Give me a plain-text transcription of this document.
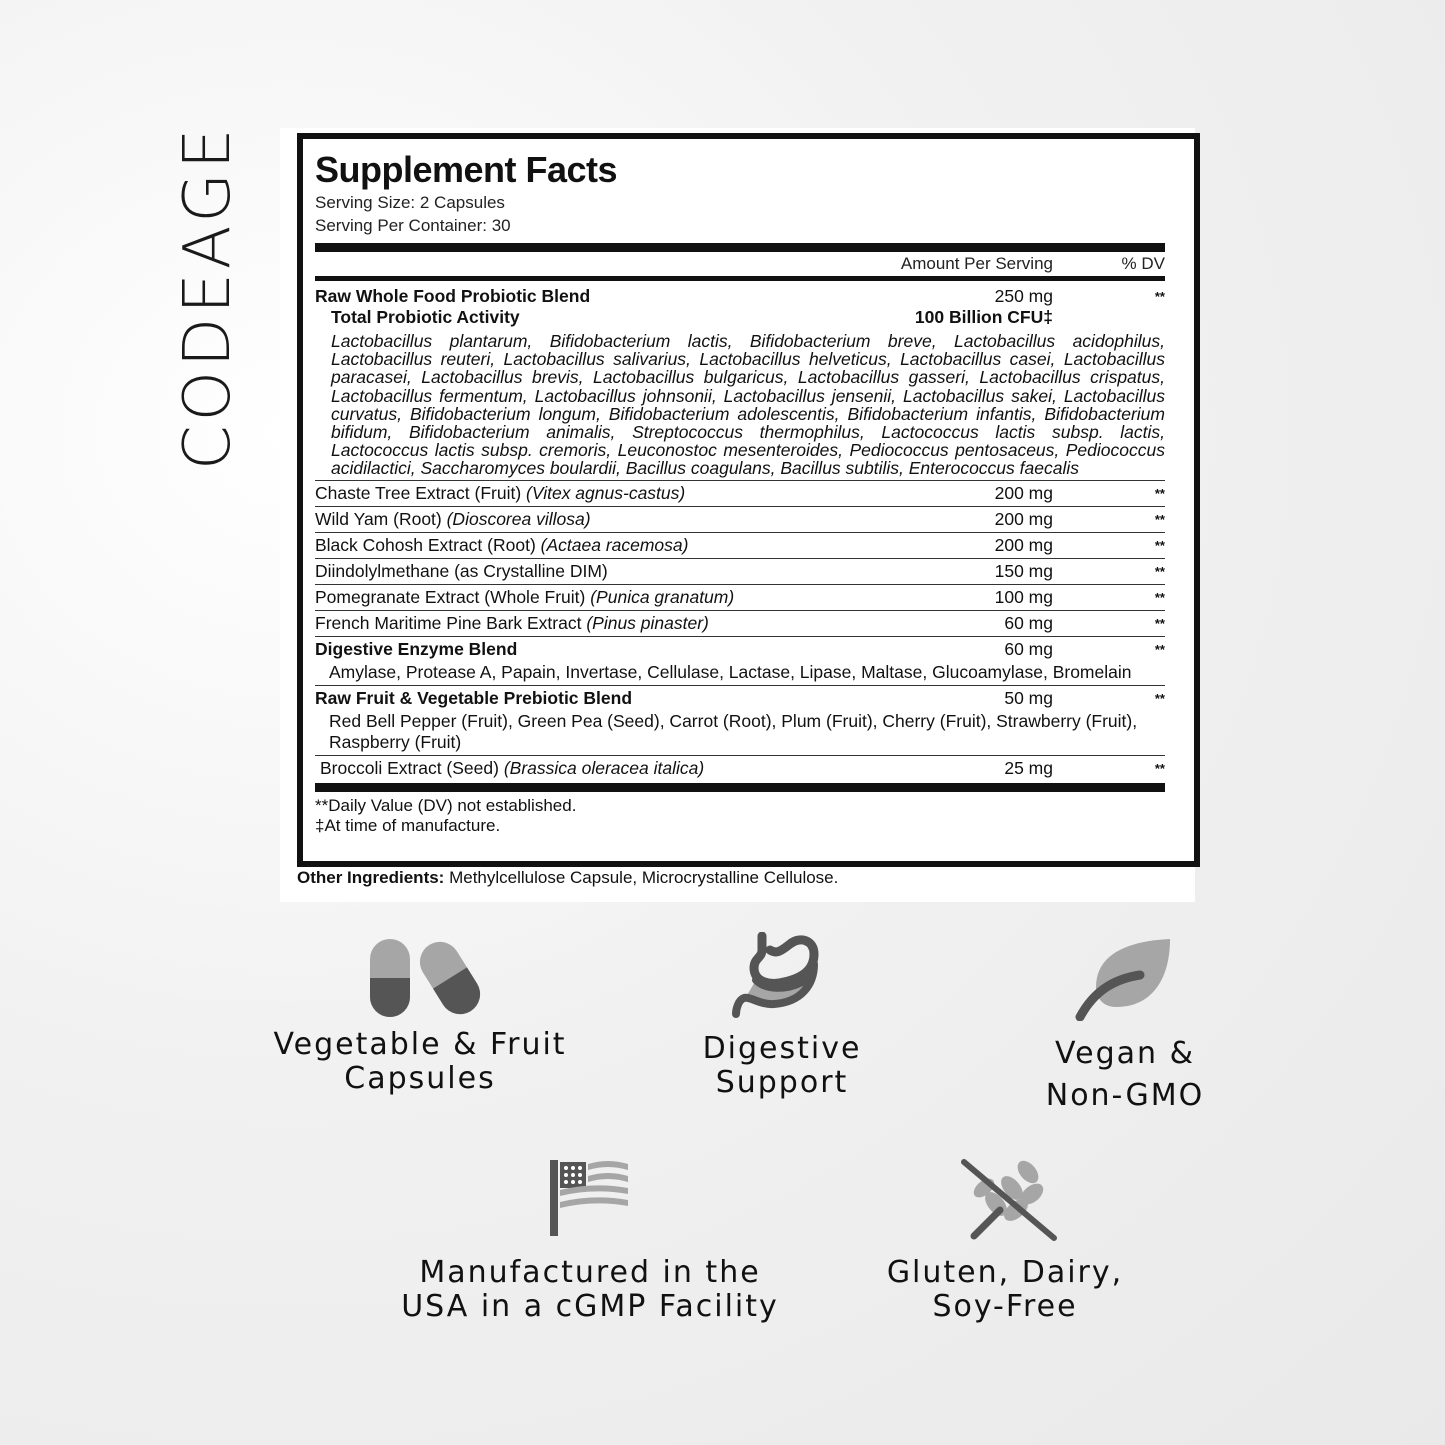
CODEAGE Supplement Facts
Serving Size: 2 Capsules
Serving Per Container: 30
Amount Per Serving	% DV
Raw Whole Food Probiotic Blend	250 mg	**
Total Probiotic Activity	100 Billion CFU‡
Lactobacillus plantarum, Bifidobacterium lactis, Bifidobacterium breve, Lactobacillus acidophilus, Lactobacillus reuteri, Lactobacillus salivarius, Lactobacillus helveticus, Lactobacillus casei, Lactobacillus paracasei, Lactobacillus brevis, Lactobacillus bulgaricus, Lactobacillus gasseri, Lactobacillus crispatus, Lactobacillus fermentum, Lactobacillus johnsonii, Lactobacillus jensenii, Lactobacillus sakei, Lactobacillus curvatus, Bifidobacterium longum, Bifidobacterium adolescentis, Bifidobacterium infantis, Bifidobacterium bifidum, Bifidobacterium animalis, Streptococcus thermophilus, Lactococcus lactis subsp. lactis, Lactococcus lactis subsp. cremoris, Leuconostoc mesenteroides, Pediococcus pentosaceus, Pediococcus acidilactici, Saccharomyces boulardii, Bacillus coagulans, Bacillus subtilis, Enterococcus faecalis
Chaste Tree Extract (Fruit) (Vitex agnus-castus)	200 mg	**
Wild Yam (Root) (Dioscorea villosa)	200 mg	**
Black Cohosh Extract (Root) (Actaea racemosa)	200 mg	**
Diindolylmethane (as Crystalline DIM)	150 mg	**
Pomegranate Extract (Whole Fruit) (Punica granatum)	100 mg	**
French Maritime Pine Bark Extract (Pinus pinaster)	60 mg	**
Digestive Enzyme Blend	60 mg	**
Amylase, Protease A, Papain, Invertase, Cellulase, Lactase, Lipase, Maltase, Glucoamylase, Bromelain
Raw Fruit & Vegetable Prebiotic Blend	50 mg	**
Red Bell Pepper (Fruit), Green Pea (Seed), Carrot (Root), Plum (Fruit), Cherry (Fruit), Strawberry (Fruit), Raspberry (Fruit)
Broccoli Extract (Seed) (Brassica oleracea italica)	25 mg	**
**Daily Value (DV) not established.
‡At time of manufacture.
Other Ingredients: Methylcellulose Capsule, Microcrystalline Cellulose.
Vegetable & Fruit
Capsules
Digestive
Support
Vegan &
Non-GMO
Manufactured in the
USA in a cGMP Facility
Gluten, Dairy,
Soy-Free
